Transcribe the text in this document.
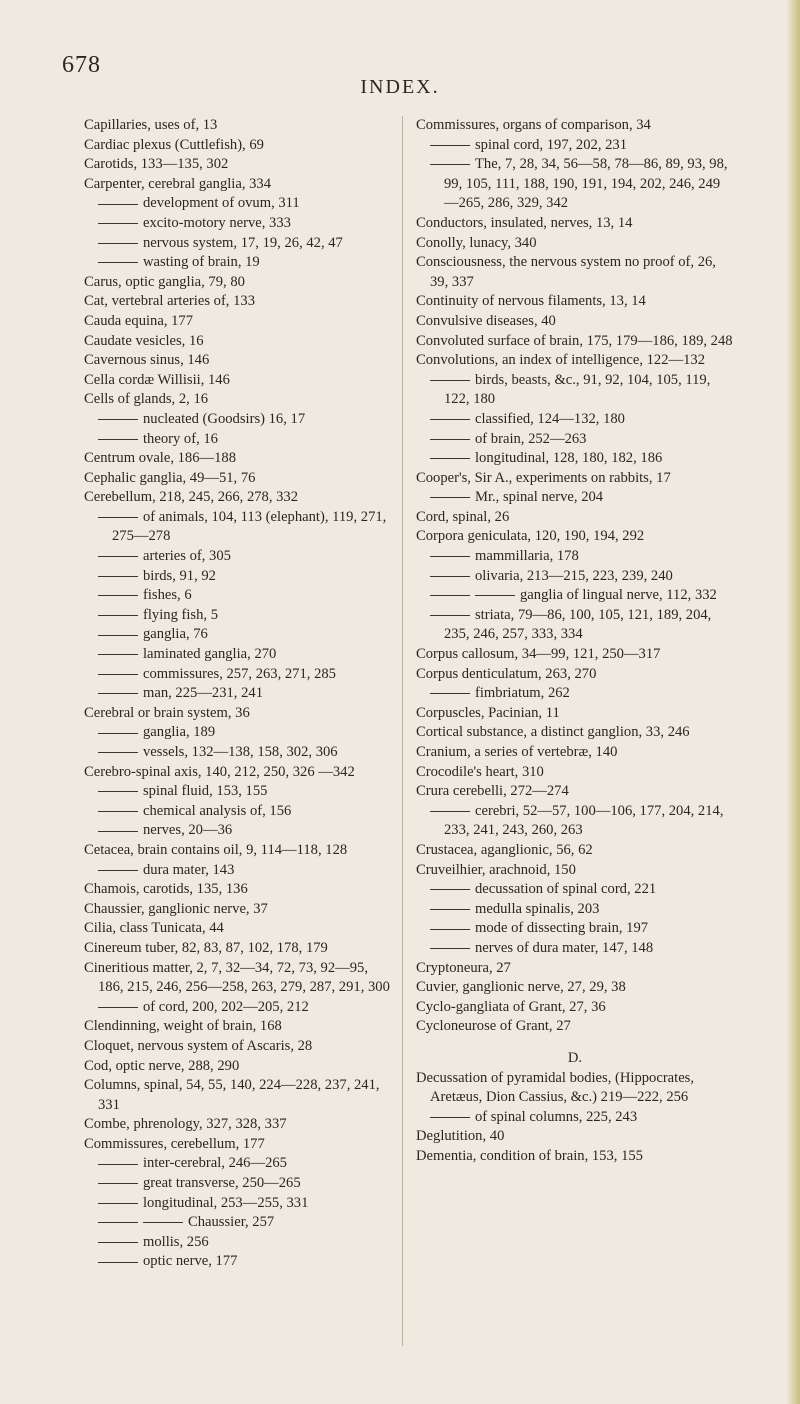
678
INDEX.

Capillaries, uses of, 13

Cardiac plexus (Cuttlefish), 69

Carotids, 133—135, 302

Carpenter, cerebral ganglia, 334

development of ovum, 311

excito-motory nerve, 333

nervous system, 17, 19, 26, 42, 47

wasting of brain, 19

Carus, optic ganglia, 79, 80

Cat, vertebral arteries of, 133

Cauda equina, 177

Caudate vesicles, 16

Cavernous sinus, 146

Cella cordæ Willisii, 146

Cells of glands, 2, 16

nucleated (Goodsirs) 16, 17

theory of, 16

Centrum ovale, 186—188

Cephalic ganglia, 49—51, 76

Cerebellum, 218, 245, 266, 278, 332

of animals, 104, 113 (elephant), 119, 271, 275—278

arteries of, 305

birds, 91, 92

fishes, 6

flying fish, 5

ganglia, 76

laminated ganglia, 270

commissures, 257, 263, 271, 285

man, 225—231, 241

Cerebral or brain system, 36

ganglia, 189

vessels, 132—138, 158, 302, 306

Cerebro-spinal axis, 140, 212, 250, 326 —342

spinal fluid, 153, 155

chemical analysis of, 156

nerves, 20—36

Cetacea, brain contains oil, 9, 114—118, 128

dura mater, 143

Chamois, carotids, 135, 136

Chaussier, ganglionic nerve, 37

Cilia, class Tunicata, 44

Cinereum tuber, 82, 83, 87, 102, 178, 179

Cineritious matter, 2, 7, 32—34, 72, 73, 92—95, 186, 215, 246, 256—258, 263, 279, 287, 291, 300

of cord, 200, 202—205, 212

Clendinning, weight of brain, 168

Cloquet, nervous system of Ascaris, 28

Cod, optic nerve, 288, 290

Columns, spinal, 54, 55, 140, 224—228, 237, 241, 331

Combe, phrenology, 327, 328, 337

Commissures, cerebellum, 177

inter-cerebral, 246—265

great transverse, 250—265

longitudinal, 253—255, 331

Chaussier, 257

mollis, 256

optic nerve, 177

Commissures, organs of comparison, 34

spinal cord, 197, 202, 231

The, 7, 28, 34, 56—58, 78—86, 89, 93, 98, 99, 105, 111, 188, 190, 191, 194, 202, 246, 249—265, 286, 329, 342

Conductors, insulated, nerves, 13, 14

Conolly, lunacy, 340

Consciousness, the nervous system no proof of, 26, 39, 337

Continuity of nervous filaments, 13, 14

Convulsive diseases, 40

Convoluted surface of brain, 175, 179—186, 189, 248

Convolutions, an index of intelligence, 122—132

birds, beasts, &c., 91, 92, 104, 105, 119, 122, 180

classified, 124—132, 180

of brain, 252—263

longitudinal, 128, 180, 182, 186

Cooper's, Sir A., experiments on rabbits, 17

Mr., spinal nerve, 204

Cord, spinal, 26

Corpora geniculata, 120, 190, 194, 292

mammillaria, 178

olivaria, 213—215, 223, 239, 240

ganglia of lingual nerve, 112, 332

striata, 79—86, 100, 105, 121, 189, 204, 235, 246, 257, 333, 334

Corpus callosum, 34—99, 121, 250—317

Corpus denticulatum, 263, 270

fimbriatum, 262

Corpuscles, Pacinian, 11

Cortical substance, a distinct ganglion, 33, 246

Cranium, a series of vertebræ, 140

Crocodile's heart, 310

Crura cerebelli, 272—274

cerebri, 52—57, 100—106, 177, 204, 214, 233, 241, 243, 260, 263

Crustacea, aganglionic, 56, 62

Cruveilhier, arachnoid, 150

decussation of spinal cord, 221

medulla spinalis, 203

mode of dissecting brain, 197

nerves of dura mater, 147, 148

Cryptoneura, 27

Cuvier, ganglionic nerve, 27, 29, 38

Cyclo-gangliata of Grant, 27, 36

Cycloneurose of Grant, 27

D.

Decussation of pyramidal bodies, (Hippocrates, Aretæus, Dion Cassius, &c.) 219—222, 256

of spinal columns, 225, 243

Deglutition, 40

Dementia, condition of brain, 153, 155
